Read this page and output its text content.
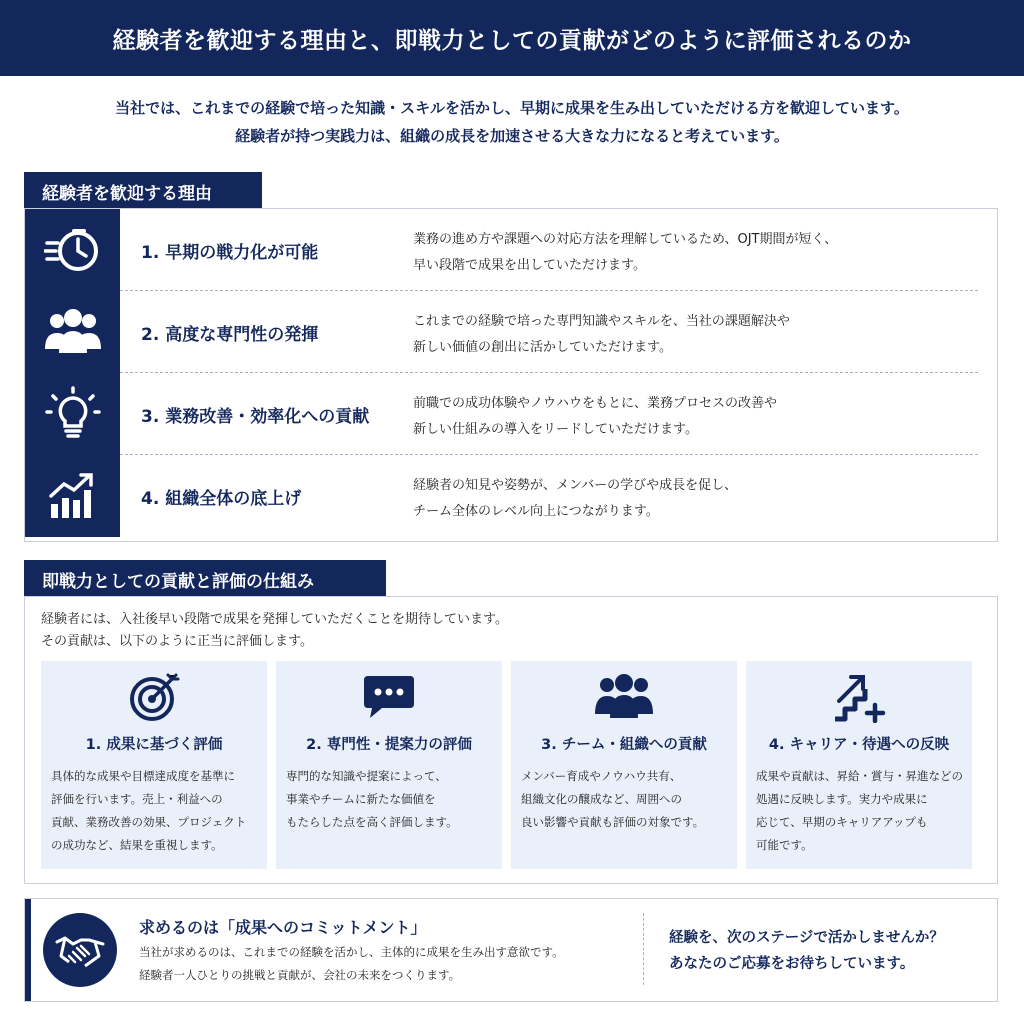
経験者を歓迎する理由と、即戦力としての貢献がどのように評価されるのか
当社では、これまでの経験で培った知識・スキルを活かし、早期に成果を生み出していただける方を歓迎しています。
経験者が持つ実践力は、組織の成長を加速させる大きな力になると考えています。
経験者を歓迎する理由
1. 早期の戦力化が可能
業務の進め方や課題への対応方法を理解しているため、OJT期間が短く、
早い段階で成果を出していただけます。
2. 高度な専門性の発揮
これまでの経験で培った専門知識やスキルを、当社の課題解決や
新しい価値の創出に活かしていただけます。
3. 業務改善・効率化への貢献
前職での成功体験やノウハウをもとに、業務プロセスの改善や
新しい仕組みの導入をリードしていただけます。
4. 組織全体の底上げ
経験者の知見や姿勢が、メンバーの学びや成長を促し、
チーム全体のレベル向上につながります。
即戦力としての貢献と評価の仕組み
経験者には、入社後早い段階で成果を発揮していただくことを期待しています。
その貢献は、以下のように正当に評価します。
1. 成果に基づく評価
具体的な成果や目標達成度を基準に
評価を行います。売上・利益への
貢献、業務改善の効果、プロジェクト
の成功など、結果を重視します。
2. 専門性・提案力の評価
専門的な知識や提案によって、
事業やチームに新たな価値を
もたらした点を高く評価します。
3. チーム・組織への貢献
メンバー育成やノウハウ共有、
組織文化の醸成など、周囲への
良い影響や貢献も評価の対象です。
4. キャリア・待遇への反映
成果や貢献は、昇給・賞与・昇進などの
処遇に反映します。実力や成果に
応じて、早期のキャリアアップも
可能です。
求めるのは「成果へのコミットメント」
当社が求めるのは、これまでの経験を活かし、主体的に成果を生み出す意欲です。
経験者一人ひとりの挑戦と貢献が、会社の未来をつくります。
経験を、次のステージで活かしませんか？
あなたのご応募をお待ちしています。
